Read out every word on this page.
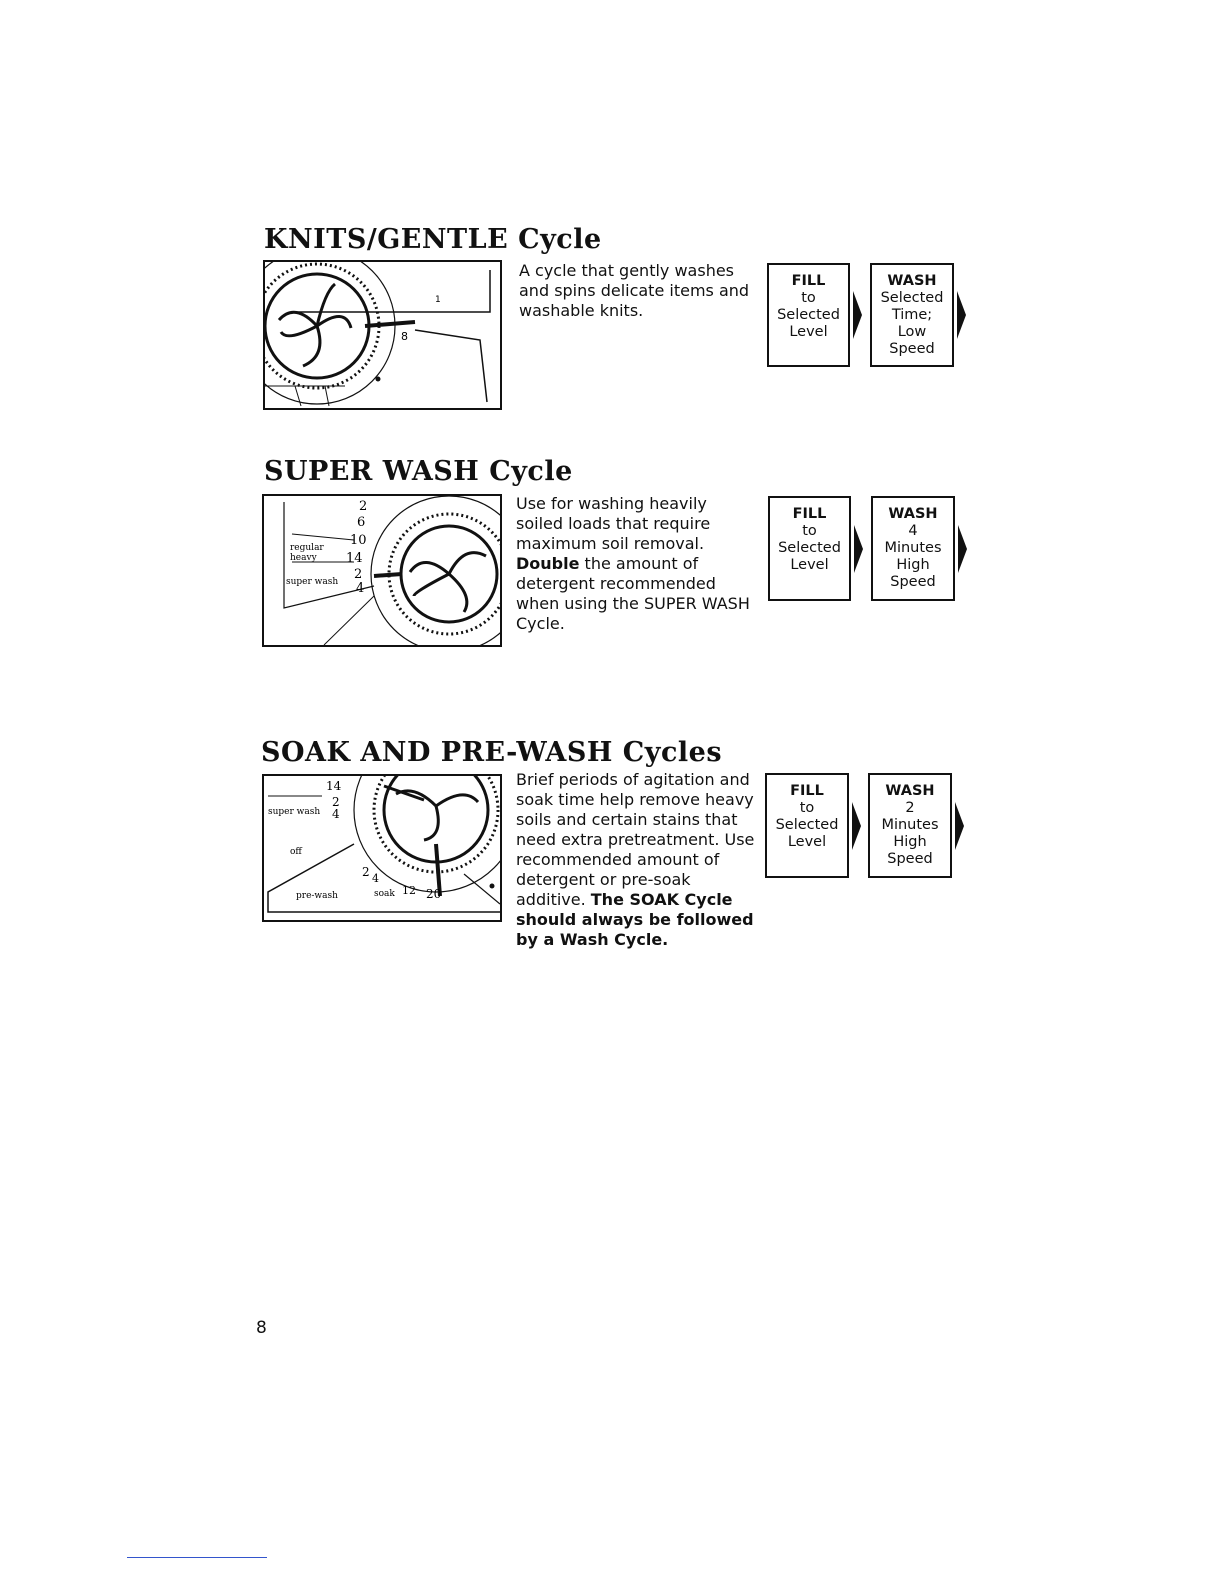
KNITS/GENTLE Cycle
8
1

A cycle that gently washes and spins delicate items and washable knits.

FILL
to
Selected
Level
WASH
Selected
Time;
Low
Speed
SUPER WASH Cycle
2
6
10
14
2
4
regular
heavy
super wash

Use for washing heavily soiled loads that require maximum soil removal. Double the amount of detergent recommended when using the SUPER WASH Cycle.

FILL
to
Selected
Level
WASH
4
Minutes
High
Speed
SOAK AND PRE-WASH Cycles
14
2
4
2 4
12 20
super wash
pre-wash	soak
off

Brief periods of agitation and soak time help remove heavy soils and certain stains that need extra pretreatment. Use recommended amount of detergent or pre-soak additive. The SOAK Cycle should always be followed by a Wash Cycle.

FILL
to
Selected
Level
WASH
2
Minutes
High
Speed
8
